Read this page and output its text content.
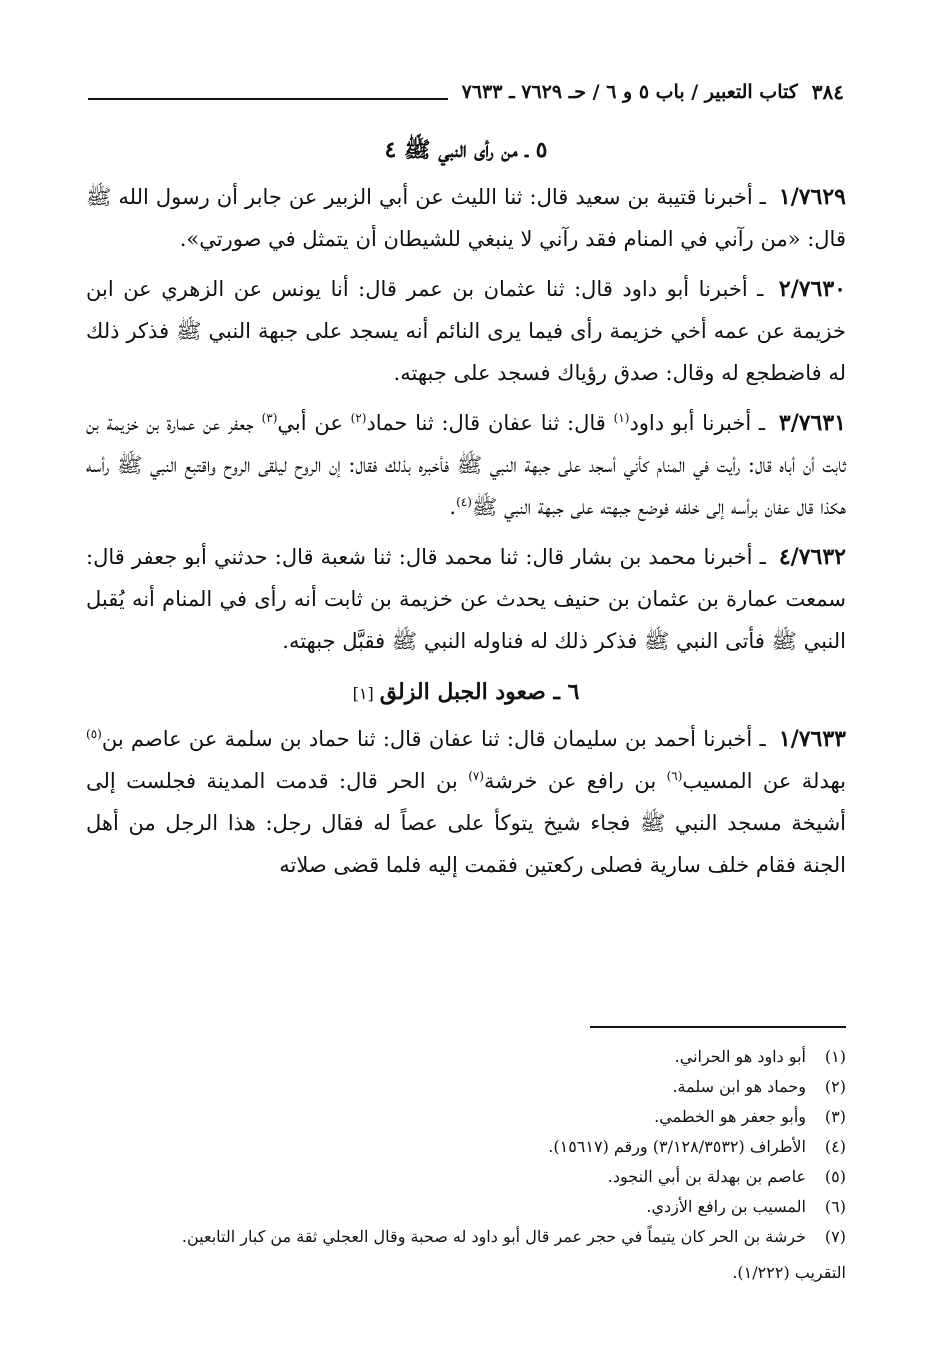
٣٨٤
كتاب التعبير / باب ٥ و ٦ / حـ ٧٦٢٩ ـ ٧٦٣٣
٥ ـ من رأى النبي ﷺ ٤

١/٧٦٢٩ ـ أخبرنا قتيبة بن سعيد قال: ثنا الليث عن أبي الزبير عن جابر أن رسول الله ﷺ قال: «من رآني في المنام فقد رآني لا ينبغي للشيطان أن يتمثل في صورتي».

٢/٧٦٣٠ ـ أخبرنا أبو داود قال: ثنا عثمان بن عمر قال: أنا يونس عن الزهري عن ابن خزيمة عن عمه أخي خزيمة رأى فيما يرى النائم أنه يسجد على جبهة النبي ﷺ فذكر ذلك له فاضطجع له وقال: صدق رؤياك فسجد على جبهته.

٣/٧٦٣١ ـ أخبرنا أبو داود$^{(١)}$ قال: ثنا عفان قال: ثنا حماد$^{(٢)}$ عن أبي$^{(٣)}$ جعفر عن عمارة بن خزيمة بن ثابت أن أباه قال: رأيت في المنام كأني أسجد على جبهة النبي ﷺ فأخبره بذلك فقال: إن الروح ليلقى الروح واقتبع النبي ﷺ رأسه هكذا قال عفان برأسه إلى خلفه فوضع جبهته على جبهة النبي ﷺ$^{(٤)}$.

٤/٧٦٣٢ ـ أخبرنا محمد بن بشار قال: ثنا محمد قال: ثنا شعبة قال: حدثني أبو جعفر قال: سمعت عمارة بن عثمان بن حنيف يحدث عن خزيمة بن ثابت أنه رأى في المنام أنه يُقبل النبي ﷺ فأتى النبي ﷺ فذكر ذلك له فناوله النبي ﷺ فقبَّل جبهته.

٦ ـ صعود الجبل الزلق[١]

١/٧٦٣٣ ـ أخبرنا أحمد بن سليمان قال: ثنا عفان قال: ثنا حماد بن سلمة عن عاصم بن$^{(٥)}$ بهدلة عن المسيب$^{(٦)}$ بن رافع عن خرشة$^{(٧)}$ بن الحر قال: قدمت المدينة فجلست إلى أشيخة مسجد النبي ﷺ فجاء شيخ يتوكأ على عصاً له فقال رجل: هذا الرجل من أهل الجنة فقام خلف سارية فصلى ركعتين فقمت إليه فلما قضى صلاته

(١)
أبو داود هو الحراني.
(٢)
وحماد هو ابن سلمة.
(٣)
وأبو جعفر هو الخطمي.
(٤)
الأطراف (٣/١٢٨/٣٥٣٢) ورقم (١٥٦١٧).
(٥)
عاصم بن بهدلة بن أبي النجود.
(٦)
المسيب بن رافع الأزدي.
(٧)
خرشة بن الحر كان يتيماً في حجر عمر قال أبو داود له صحبة وقال العجلي ثقة من كبار التابعين.
التقريب (١/٢٢٢).
